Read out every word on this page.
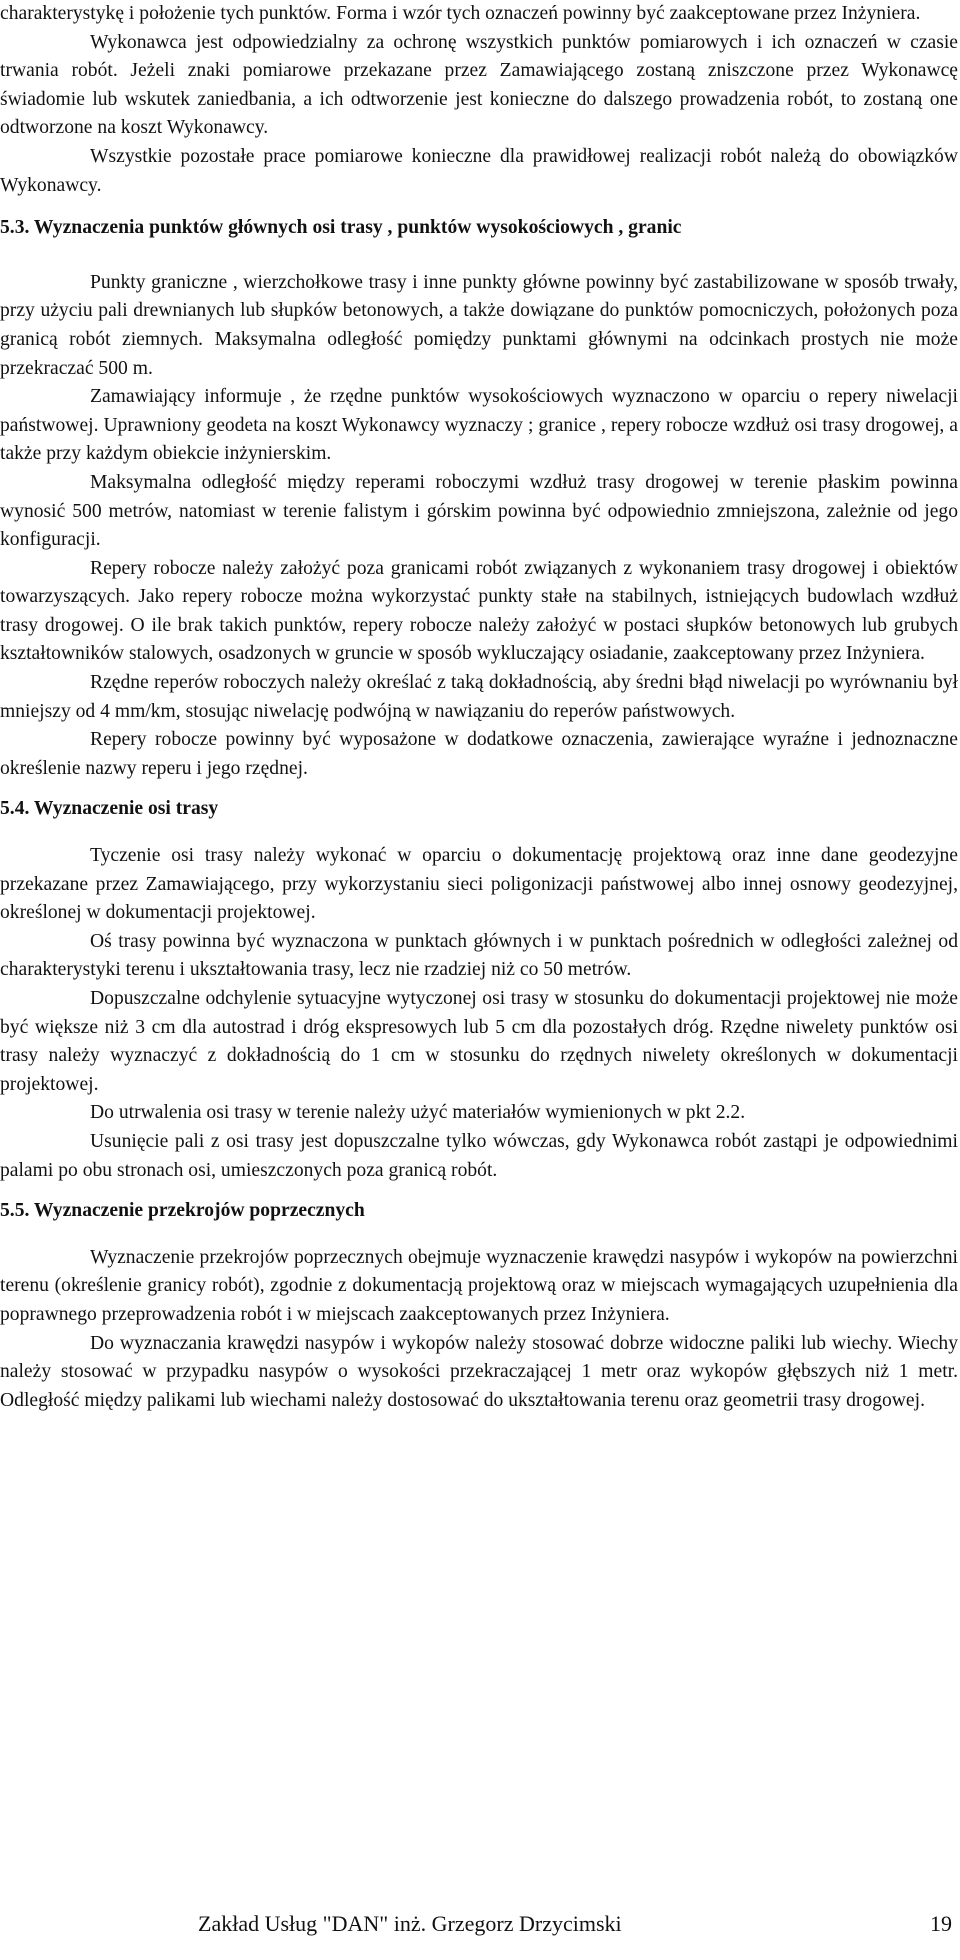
charakterystykę i położenie tych punktów. Forma i wzór tych oznaczeń powinny być zaakceptowane przez Inżyniera.

Wykonawca jest odpowiedzialny za ochronę wszystkich punktów pomiarowych i ich oznaczeń w czasie trwania robót. Jeżeli znaki pomiarowe przekazane przez Zamawiającego zostaną zniszczone przez Wykonawcę świadomie lub wskutek zaniedbania, a ich odtworzenie jest konieczne do dalszego prowadzenia robót, to zostaną one odtworzone na koszt Wykonawcy.

Wszystkie pozostałe prace pomiarowe konieczne dla prawidłowej realizacji robót należą do obowiązków Wykonawcy.

5.3. Wyznaczenia punktów głównych osi trasy , punktów wysokościowych , granic

Punkty graniczne , wierzchołkowe trasy i inne punkty główne powinny być zastabilizowane w sposób trwały, przy użyciu pali drewnianych lub słupków betonowych, a także dowiązane do punktów pomocniczych, położonych poza granicą robót ziemnych. Maksymalna odległość pomiędzy punktami głównymi na odcinkach prostych nie może przekraczać 500 m.

Zamawiający informuje , że rzędne punktów wysokościowych wyznaczono w oparciu o repery niwelacji państwowej. Uprawniony geodeta na koszt Wykonawcy wyznaczy ; granice , repery robocze wzdłuż osi trasy drogowej, a także przy każdym obiekcie inżynierskim.

Maksymalna odległość między reperami roboczymi wzdłuż trasy drogowej w terenie płaskim powinna wynosić 500 metrów, natomiast w terenie falistym i górskim powinna być odpowiednio zmniejszona, zależnie od jego konfiguracji.

Repery robocze należy założyć poza granicami robót związanych z wykonaniem trasy drogowej i obiektów towarzyszących. Jako repery robocze można wykorzystać punkty stałe na stabilnych, istniejących budowlach wzdłuż trasy drogowej. O ile brak takich punktów, repery robocze należy założyć w postaci słupków betonowych lub grubych kształtowników stalowych, osadzonych w gruncie w sposób wykluczający osiadanie, zaakceptowany przez Inżyniera.

Rzędne reperów roboczych należy określać z taką dokładnością, aby średni błąd niwelacji po wyrównaniu był mniejszy od 4 mm/km, stosując niwelację podwójną w nawiązaniu do reperów państwowych.

Repery robocze powinny być wyposażone w dodatkowe oznaczenia, zawierające wyraźne i jednoznaczne określenie nazwy reperu i jego rzędnej.

5.4. Wyznaczenie osi trasy

Tyczenie osi trasy należy wykonać w oparciu o dokumentację projektową oraz inne dane geodezyjne przekazane przez Zamawiającego, przy wykorzystaniu sieci poligonizacji państwowej albo innej osnowy geodezyjnej, określonej w dokumentacji projektowej.

Oś trasy powinna być wyznaczona w punktach głównych i w punktach pośrednich w odległości zależnej od charakterystyki terenu i ukształtowania trasy, lecz nie rzadziej niż co 50 metrów.

Dopuszczalne odchylenie sytuacyjne wytyczonej osi trasy w stosunku do dokumentacji projektowej nie może być większe niż 3 cm dla autostrad i dróg ekspresowych lub 5 cm dla pozostałych dróg. Rzędne niwelety punktów osi trasy należy wyznaczyć z dokładnością do 1 cm w stosunku do rzędnych niwelety określonych w dokumentacji projektowej.

Do utrwalenia osi trasy w terenie należy użyć materiałów wymienionych w pkt 2.2.

Usunięcie pali z osi trasy jest dopuszczalne tylko wówczas, gdy Wykonawca robót zastąpi je odpowiednimi palami po obu stronach osi, umieszczonych poza granicą robót.

5.5. Wyznaczenie przekrojów poprzecznych

Wyznaczenie przekrojów poprzecznych obejmuje wyznaczenie krawędzi nasypów i wykopów na powierzchni terenu (określenie granicy robót), zgodnie z dokumentacją projektową oraz w miejscach wymagających uzupełnienia dla poprawnego przeprowadzenia robót i w miejscach zaakceptowanych przez Inżyniera.

Do wyznaczania krawędzi nasypów i wykopów należy stosować dobrze widoczne paliki lub wiechy. Wiechy należy stosować w przypadku nasypów o wysokości przekraczającej 1 metr oraz wykopów głębszych niż 1 metr. Odległość między palikami lub wiechami należy dostosować do ukształtowania terenu oraz geometrii trasy drogowej.

Zakład Usług "DAN" inż. Grzegorz Drzycimski	19
